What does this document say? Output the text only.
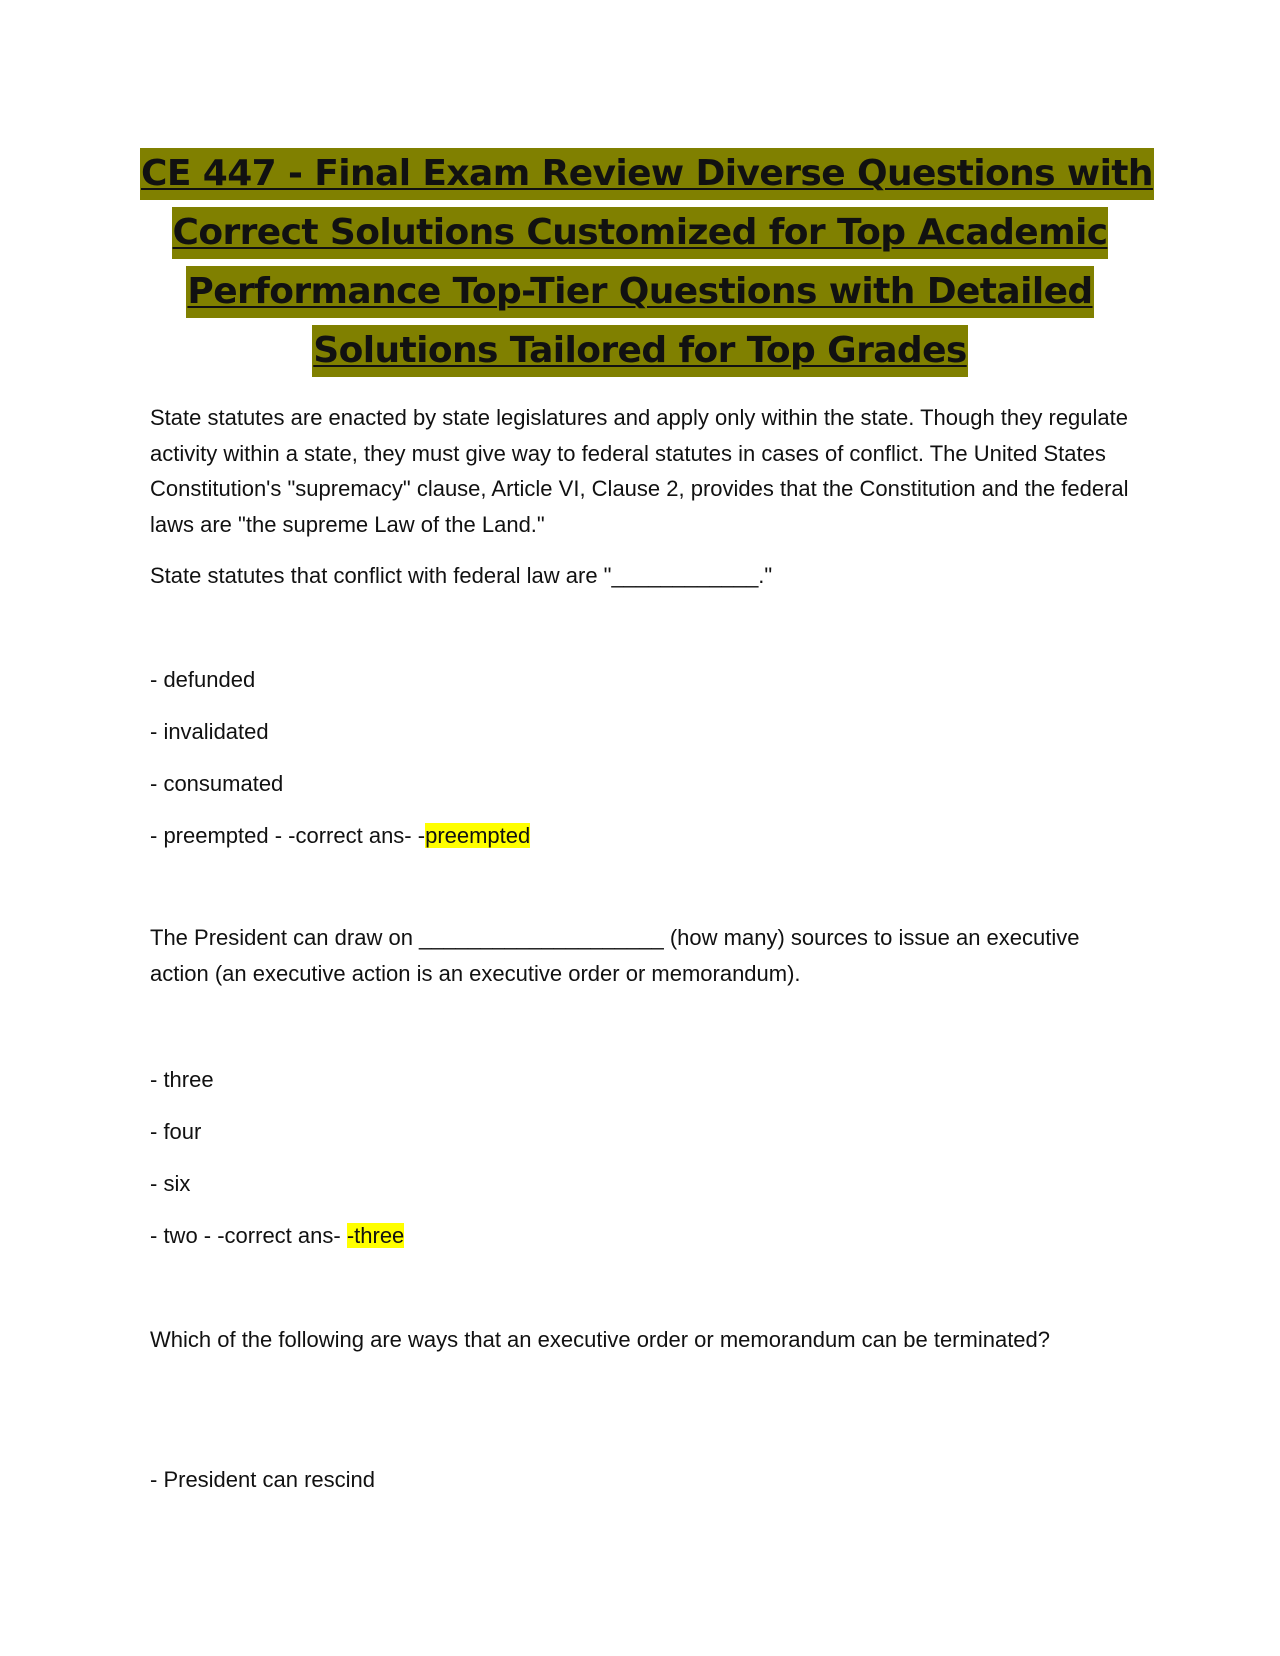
CE 447 - Final Exam Review Diverse Questions with
Correct Solutions Customized for Top Academic
Performance Top-Tier Questions with Detailed
Solutions Tailored for Top Grades

State statutes are enacted by state legislatures and apply only within the state. Though they regulate activity within a state, they must give way to federal statutes in cases of conflict. The United States Constitution's "supremacy" clause, Article VI, Clause 2, provides that the Constitution and the federal laws are "the supreme Law of the Land."

State statutes that conflict with federal law are "____________."

- defunded

- invalidated

- consumated

- preempted - -correct ans- -preempted

The President can draw on ____________________ (how many) sources to issue an executive action (an executive action is an executive order or memorandum).

- three

- four

- six

- two - -correct ans- -three

Which of the following are ways that an executive order or memorandum can be terminated?

- President can rescind
